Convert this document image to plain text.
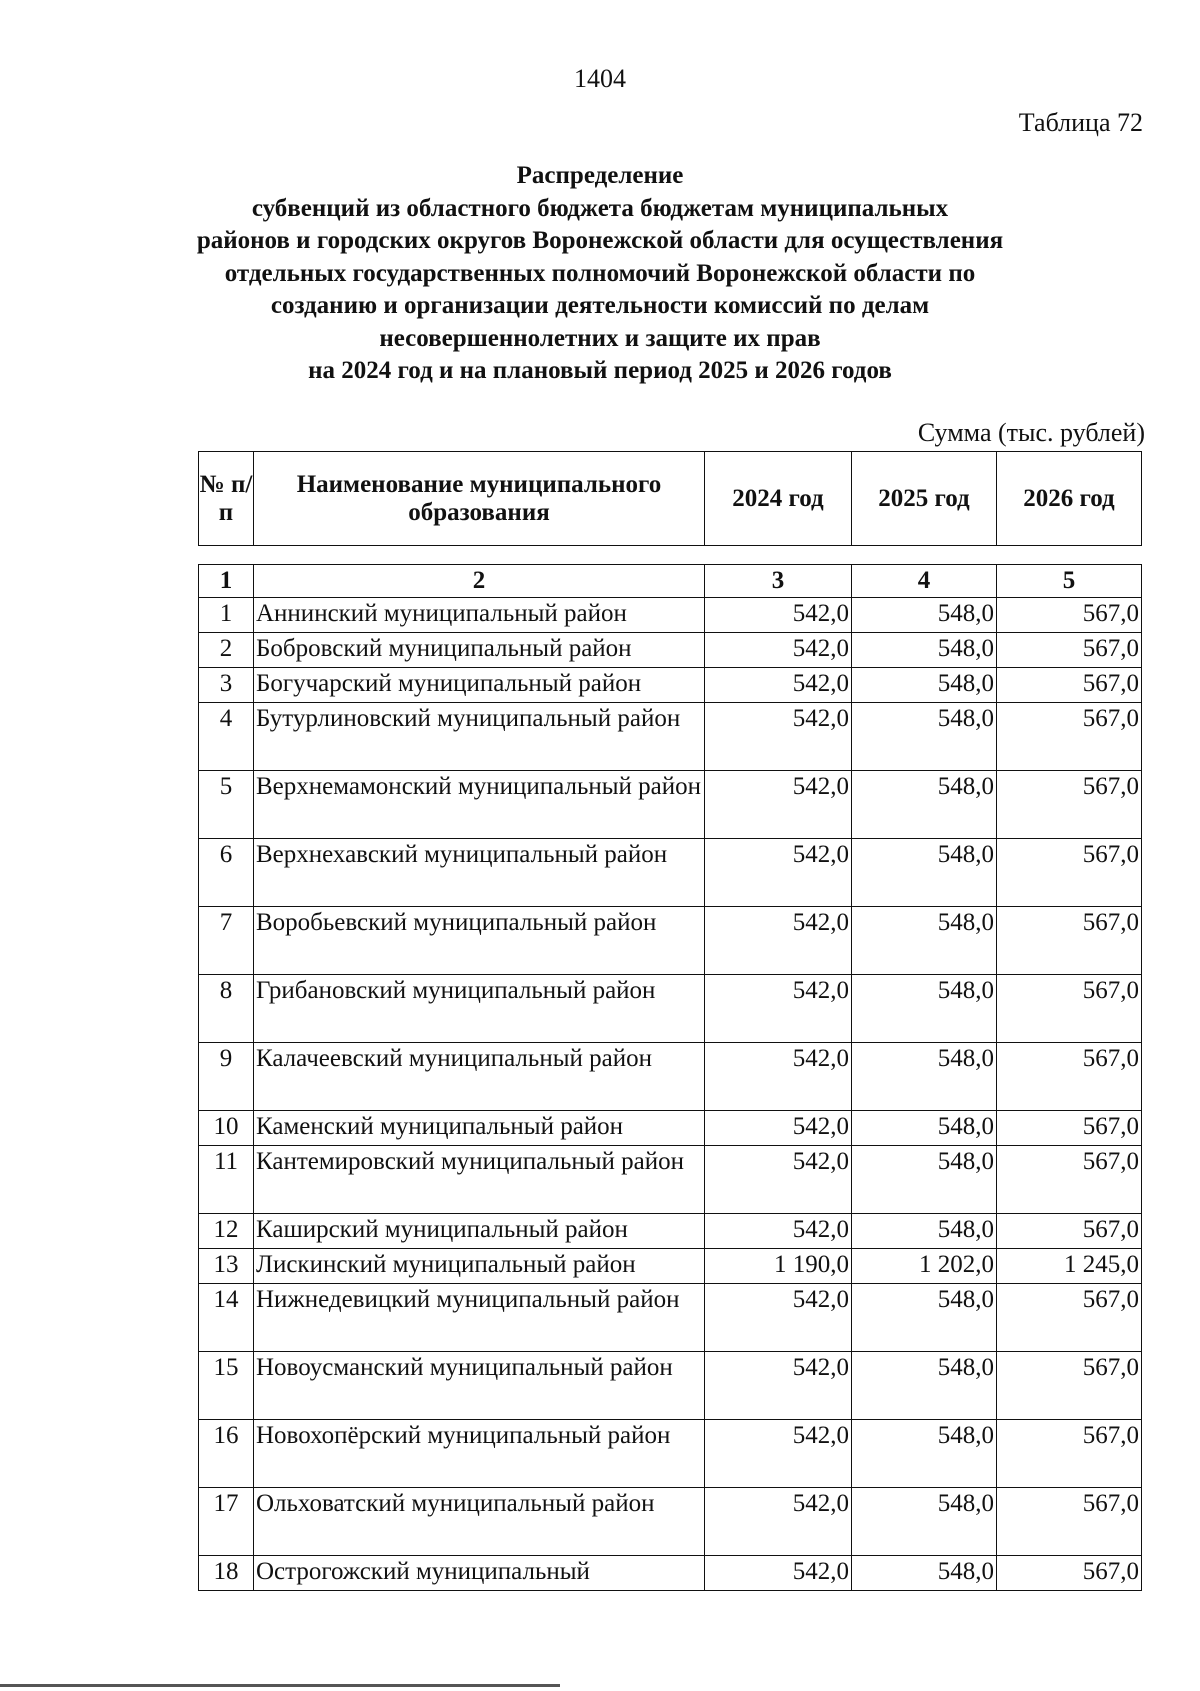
1404
Таблица 72
Распределение
субвенций из областного бюджета бюджетам муниципальных
районов и городских округов Воронежской области для осуществления
отдельных государственных полномочий Воронежской области по
созданию и организации деятельности комиссий по делам
несовершеннолетних и защите их прав
на 2024 год и на плановый период 2025 и 2026 годов
Сумма (тыс. рублей)
№ п/п	Наименование муниципального образования	2024 год	2025 год	2026 год
1	2	3	4	5
1	Аннинский муниципальный район	542,0	548,0	567,0
2	Бобровский муниципальный район	542,0	548,0	567,0
3	Богучарский муниципальный район	542,0	548,0	567,0
4	Бутурлиновский муниципальный район	542,0	548,0	567,0
5	Верхнемамонский муниципальный район	542,0	548,0	567,0
6	Верхнехавский муниципальный район	542,0	548,0	567,0
7	Воробьевский муниципальный район	542,0	548,0	567,0
8	Грибановский муниципальный район	542,0	548,0	567,0
9	Калачеевский муниципальный район	542,0	548,0	567,0
10	Каменский муниципальный район	542,0	548,0	567,0
11	Кантемировский муниципальный район	542,0	548,0	567,0
12	Каширский муниципальный район	542,0	548,0	567,0
13	Лискинский муниципальный район	1 190,0	1 202,0	1 245,0
14	Нижнедевицкий муниципальный район	542,0	548,0	567,0
15	Новоусманский муниципальный район	542,0	548,0	567,0
16	Новохопёрский муниципальный район	542,0	548,0	567,0
17	Ольховатский муниципальный район	542,0	548,0	567,0
18	Острогожский муниципальный	542,0	548,0	567,0
